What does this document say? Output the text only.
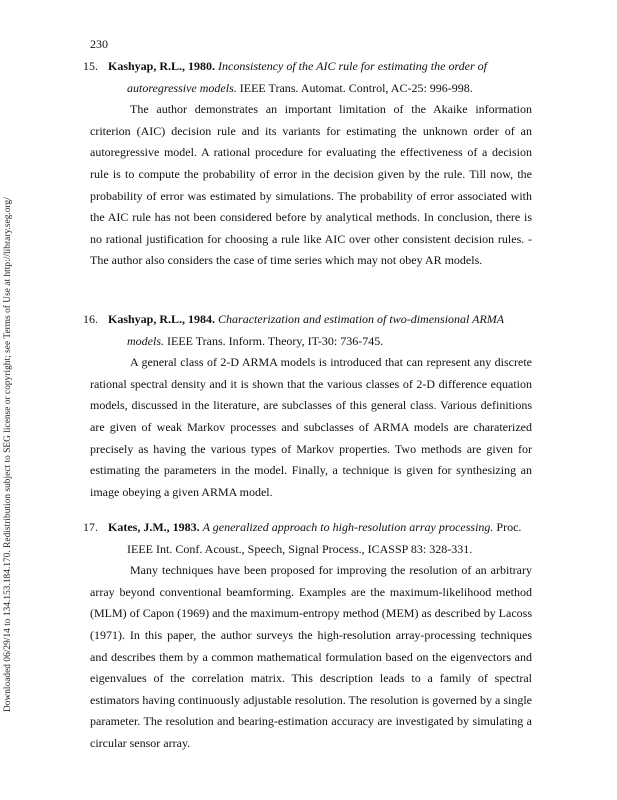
230
Downloaded 06/29/14 to 134.153.184.170. Redistribution subject to SEG license or copyright; see Terms of Use at http://library.seg.org/

15. Kashyap, R.L., 1980. Inconsistency of the AIC rule for estimating the order of autoregressive models. IEEE Trans. Automat. Control, AC-25: 996-998.

The author demonstrates an important limitation of the Akaike information criterion (AIC) decision rule and its variants for estimating the unknown order of an autoregressive model. A rational procedure for evaluating the effectiveness of a decision rule is to compute the probability of error in the decision given by the rule. Till now, the probability of error was estimated by simulations. The probability of error associated with the AIC rule has not been considered before by analytical methods. In conclusion, there is no rational justification for choosing a rule like AIC over other consistent decision rules. - The author also considers the case of time series which may not obey AR models.

16. Kashyap, R.L., 1984. Characterization and estimation of two-dimensional ARMA models. IEEE Trans. Inform. Theory, IT-30: 736-745.

A general class of 2-D ARMA models is introduced that can represent any discrete rational spectral density and it is shown that the various classes of 2-D difference equation models, discussed in the literature, are subclasses of this general class. Various definitions are given of weak Markov processes and subclasses of ARMA models are charaterized precisely as having the various types of Markov properties. Two methods are given for estimating the parameters in the model. Finally, a technique is given for synthesizing an image obeying a given ARMA model.

17. Kates, J.M., 1983. A generalized approach to high-resolution array processing. Proc. IEEE Int. Conf. Acoust., Speech, Signal Process., ICASSP 83: 328-331.

Many techniques have been proposed for improving the resolution of an arbitrary array beyond conventional beamforming. Examples are the maximum-likelihood method (MLM) of Capon (1969) and the maximum-entropy method (MEM) as described by Lacoss (1971). In this paper, the author surveys the high-resolution array-processing techniques and describes them by a common mathematical formulation based on the eigenvectors and eigenvalues of the correlation matrix. This description leads to a family of spectral estimators having continuously adjustable resolution. The resolution is governed by a single parameter. The resolution and bearing-estimation accuracy are investigated by simulating a circular sensor array.
